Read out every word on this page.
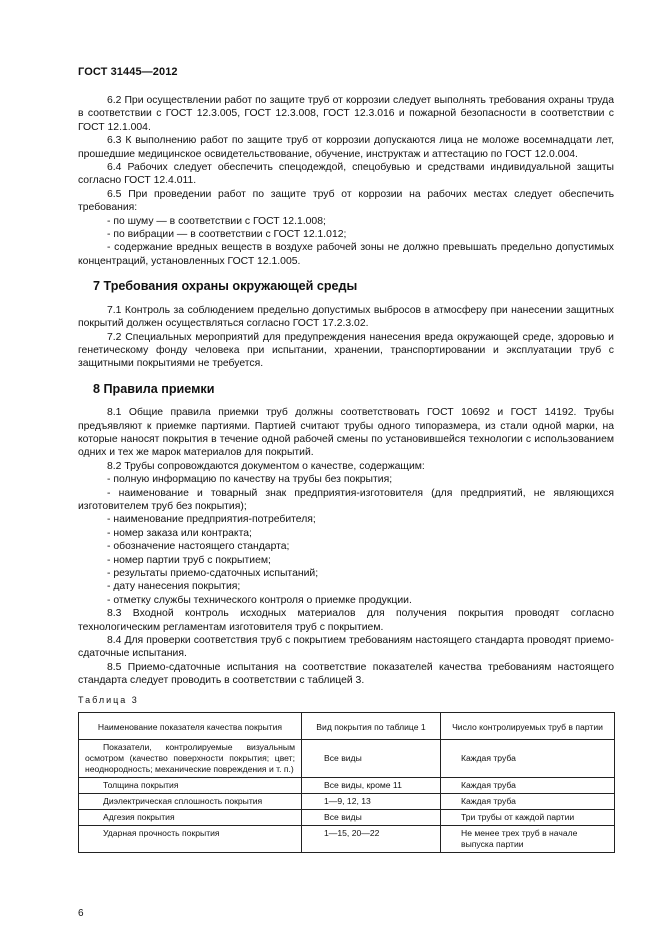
ГОСТ 31445—2012

6.2 При осуществлении работ по защите труб от коррозии следует выполнять требования охраны труда в соответствии с ГОСТ 12.3.005, ГОСТ 12.3.008, ГОСТ 12.3.016 и пожарной безопасности в соответствии с ГОСТ 12.1.004.

6.3 К выполнению работ по защите труб от коррозии допускаются лица не моложе восемнадцати лет, прошедшие медицинское освидетельствование, обучение, инструктаж и аттестацию по ГОСТ 12.0.004.

6.4 Рабочих следует обеспечить спецодеждой, спецобувью и средствами индивидуальной защиты согласно ГОСТ 12.4.011.

6.5 При проведении работ по защите труб от коррозии на рабочих местах следует обеспечить требования:

- по шуму — в соответствии с ГОСТ 12.1.008;

- по вибрации — в соответствии с ГОСТ 12.1.012;

- содержание вредных веществ в воздухе рабочей зоны не должно превышать предельно допустимых концентраций, установленных ГОСТ 12.1.005.

7 Требования охраны окружающей среды

7.1 Контроль за соблюдением предельно допустимых выбросов в атмосферу при нанесении защитных покрытий должен осуществляться согласно ГОСТ 17.2.3.02.

7.2 Специальных мероприятий для предупреждения нанесения вреда окружающей среде, здоровью и генетическому фонду человека при испытании, хранении, транспортировании и эксплуатации труб с защитными покрытиями не требуется.

8 Правила приемки

8.1 Общие правила приемки труб должны соответствовать ГОСТ 10692 и ГОСТ 14192. Трубы предъявляют к приемке партиями. Партией считают трубы одного типоразмера, из стали одной марки, на которые наносят покрытия в течение одной рабочей смены по установившейся технологии с использованием одних и тех же марок материалов для покрытий.

8.2 Трубы сопровождаются документом о качестве, содержащим:

- полную информацию по качеству на трубы без покрытия;

- наименование и товарный знак предприятия-изготовителя (для предприятий, не являющихся изготовителем труб без покрытия);

- наименование предприятия-потребителя;

- номер заказа или контракта;

- обозначение настоящего стандарта;

- номер партии труб с покрытием;

- результаты приемо-сдаточных испытаний;

- дату нанесения покрытия;

- отметку службы технического контроля о приемке продукции.

8.3 Входной контроль исходных материалов для получения покрытия проводят согласно технологическим регламентам изготовителя труб с покрытием.

8.4 Для проверки соответствия труб с покрытием требованиям настоящего стандарта проводят приемо-сдаточные испытания.

8.5 Приемо-сдаточные испытания на соответствие показателей качества требованиям настоящего стандарта следует проводить в соответствии с таблицей 3.

Таблица 3
Наименование показателя качества покрытия	Вид покрытия по таблице 1	Число контролируемых труб в партии

Показатели, контролируемые визуальным осмотром (качество поверхности покрытия; цвет; неоднородность; механические повреждения и т. п.)	Все виды	Каждая труба

Толщина покрытия	Все виды, кроме 11	Каждая труба

Диэлектрическая сплошность покрытия	1—9, 12, 13	Каждая труба

Адгезия покрытия	Все виды	Три трубы от каждой партии

Ударная прочность покрытия	1—15, 20—22	Не менее трех труб в начале выпуска партии
6
